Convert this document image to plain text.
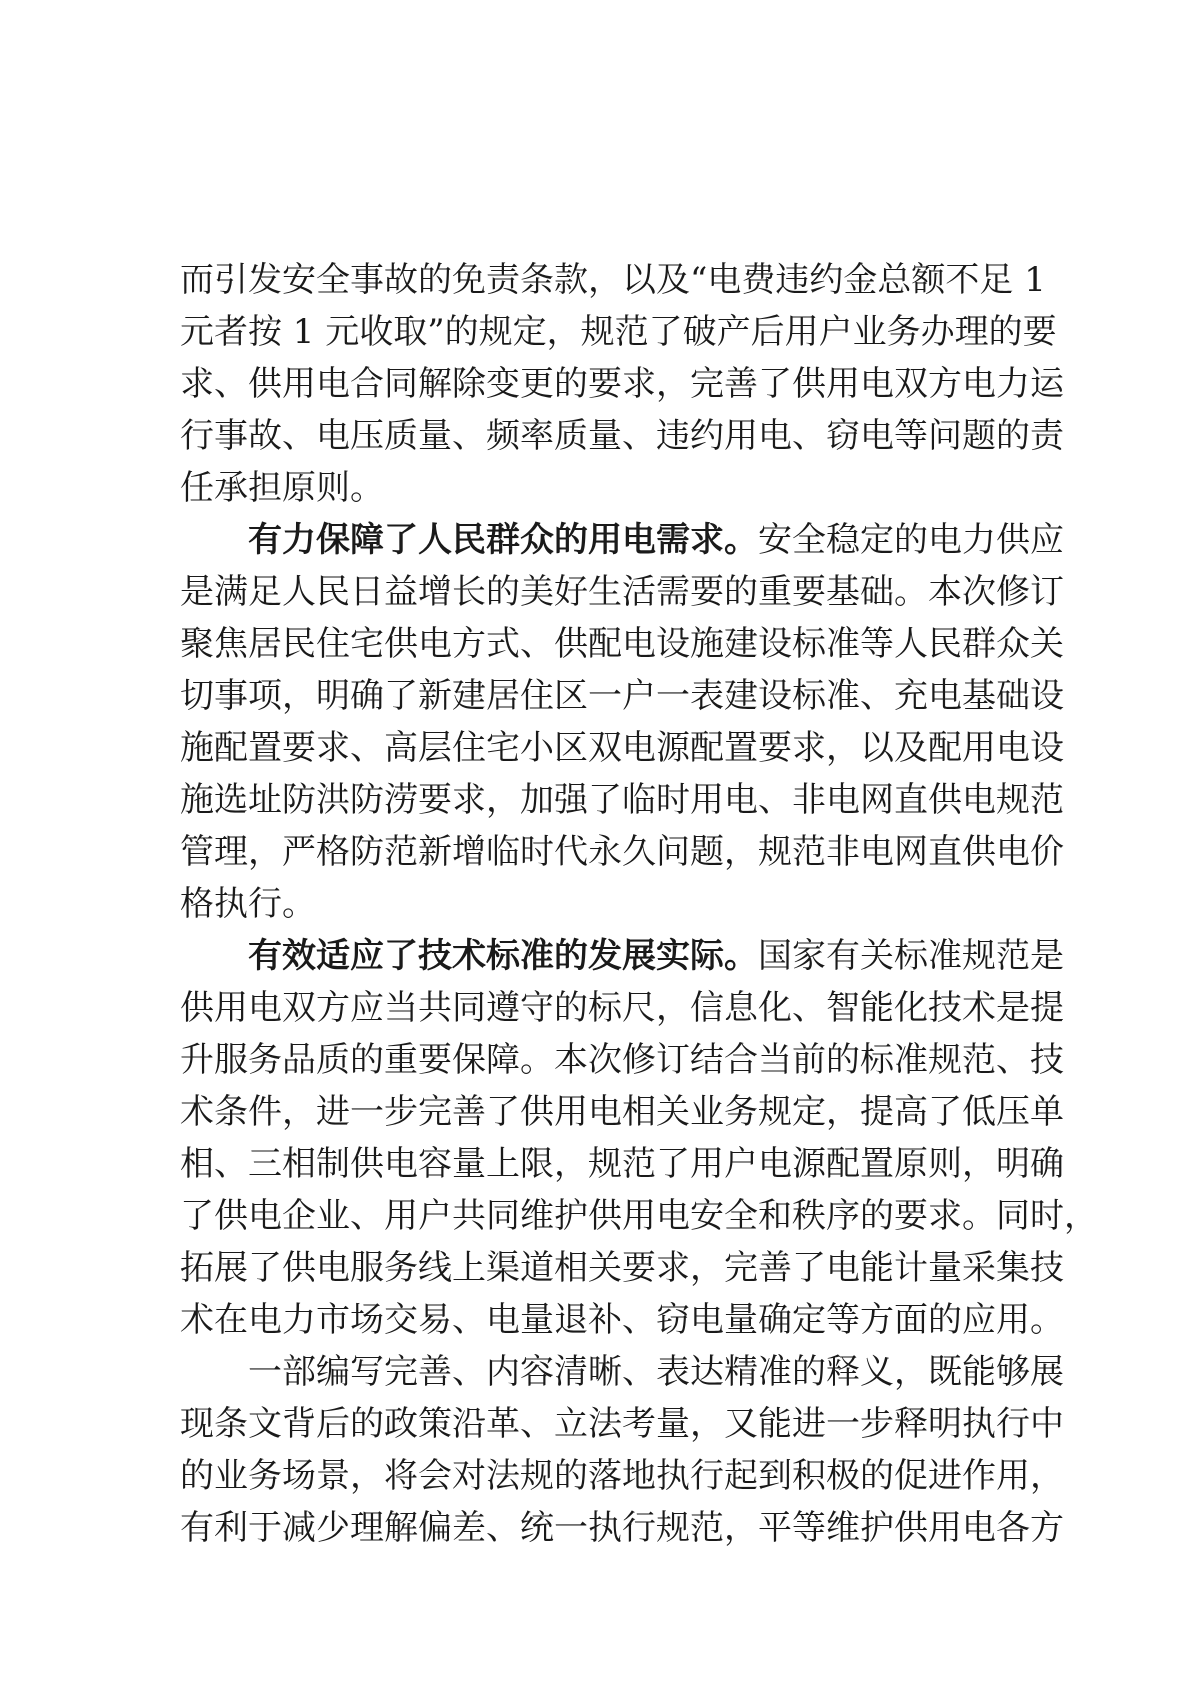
而引发安全事故的免责条款，以及“电费违约金总额不足 1
元者按 1 元收取”的规定，规范了破产后用户业务办理的要
求、供用电合同解除变更的要求，完善了供用电双方电力运
行事故、电压质量、频率质量、违约用电、窃电等问题的责
任承担原则。
有力保障了人民群众的用电需求。安全稳定的电力供应
是满足人民日益增长的美好生活需要的重要基础。本次修订
聚焦居民住宅供电方式、供配电设施建设标准等人民群众关
切事项，明确了新建居住区一户一表建设标准、充电基础设
施配置要求、高层住宅小区双电源配置要求，以及配用电设
施选址防洪防涝要求，加强了临时用电、非电网直供电规范
管理，严格防范新增临时代永久问题，规范非电网直供电价
格执行。
有效适应了技术标准的发展实际。国家有关标准规范是
供用电双方应当共同遵守的标尺，信息化、智能化技术是提
升服务品质的重要保障。本次修订结合当前的标准规范、技
术条件，进一步完善了供用电相关业务规定，提高了低压单
相、三相制供电容量上限，规范了用户电源配置原则，明确
了供电企业、用户共同维护供用电安全和秩序的要求。同时，
拓展了供电服务线上渠道相关要求，完善了电能计量采集技
术在电力市场交易、电量退补、窃电量确定等方面的应用。
一部编写完善、内容清晰、表达精准的释义，既能够展
现条文背后的政策沿革、立法考量，又能进一步释明执行中
的业务场景，将会对法规的落地执行起到积极的促进作用，
有利于减少理解偏差、统一执行规范，平等维护供用电各方
